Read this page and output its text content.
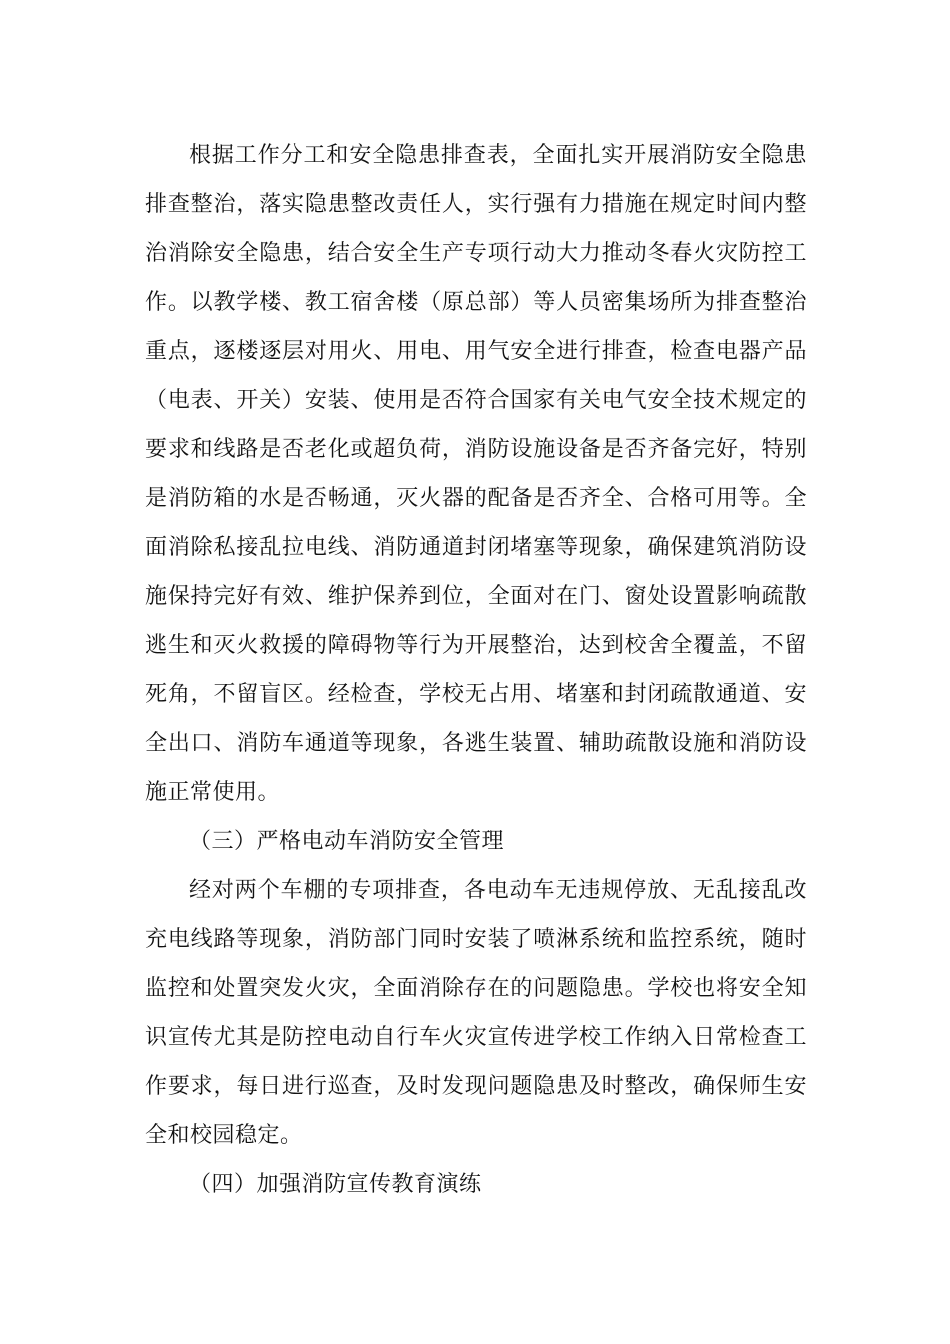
根据工作分工和安全隐患排查表，全面扎实开展消防安全隐患排查整治，落实隐患整改责任人，实行强有力措施在规定时间内整治消除安全隐患，结合安全生产专项行动大力推动冬春火灾防控工作。以教学楼、教工宿舍楼（原总部）等人员密集场所为排查整治重点，逐楼逐层对用火、用电、用气安全进行排查，检查电器产品（电表、开关）安装、使用是否符合国家有关电气安全技术规定的要求和线路是否老化或超负荷，消防设施设备是否齐备完好，特别是消防箱的水是否畅通，灭火器的配备是否齐全、合格可用等。全面消除私接乱拉电线、消防通道封闭堵塞等现象，确保建筑消防设施保持完好有效、维护保养到位，全面对在门、窗处设置影响疏散逃生和灭火救援的障碍物等行为开展整治，达到校舍全覆盖，不留死角，不留盲区。经检查，学校无占用、堵塞和封闭疏散通道、安全出口、消防车通道等现象，各逃生装置、辅助疏散设施和消防设施正常使用。

（三）严格电动车消防安全管理

经对两个车棚的专项排查，各电动车无违规停放、无乱接乱改充电线路等现象，消防部门同时安装了喷淋系统和监控系统，随时监控和处置突发火灾，全面消除存在的问题隐患。学校也将安全知识宣传尤其是防控电动自行车火灾宣传进学校工作纳入日常检查工作要求，每日进行巡查，及时发现问题隐患及时整改，确保师生安全和校园稳定。

（四）加强消防宣传教育演练
